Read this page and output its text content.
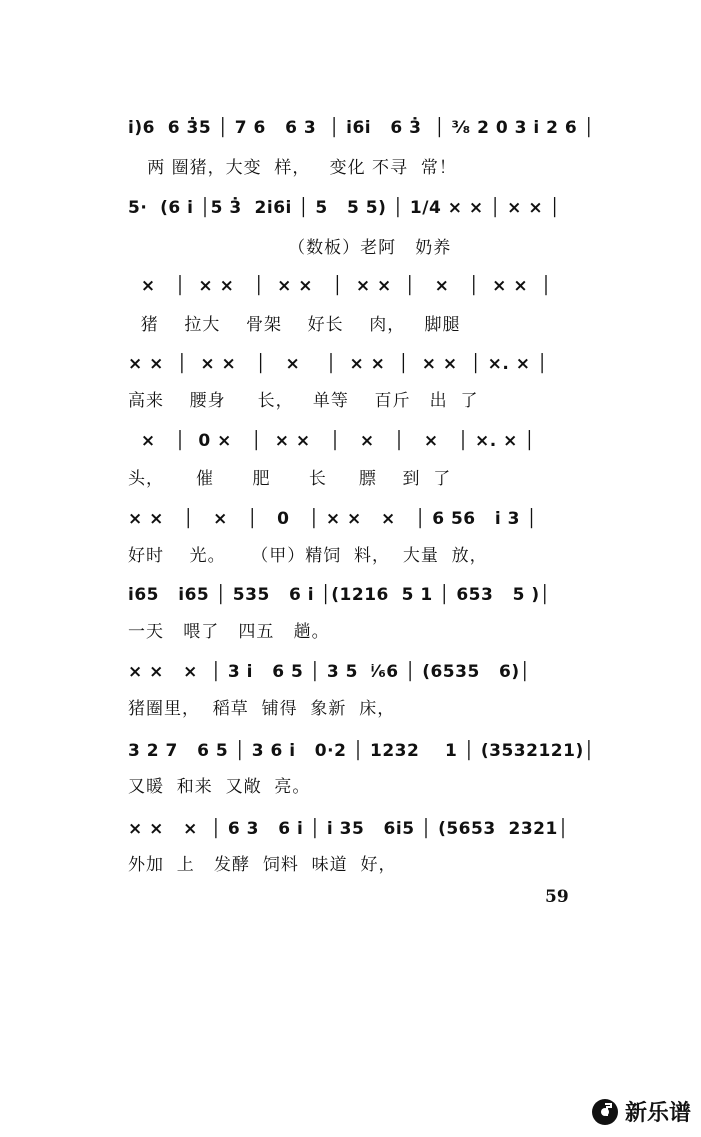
i)6  6 3̇5 │ 7 6   6 3  │ i6i   6 3̇  │ ³⁄₈ 2 0 3 i 2 6 │
两 圈猪，大变  样，   变化 不寻  常！
5·  (6 i │5 3̇  2i6i │ 5   5 5) │ 1/4 × × │ × × │
（数板）老阿   奶养
×   │  × ×   │  × ×   │  × ×  │   ×   │  × ×  │
猪    拉大    骨架    好长    肉，   脚腿
× ×  │  × ×   │   ×    │  × ×  │  × ×  │ ×. × │
高来    腰身     长，   单等    百斤   出  了
×   │  0 ×   │  × ×   │   ×   │   ×   │ ×. × │
头，     催      肥      长     膘    到  了
× ×   │   ×   │   0   │ × ×   ×   │ 6 56   i 3 │
好时    光。    （甲）精饲  料，  大量  放，
i65   i65 │ 535   6 i │(1216  5 1 │ 653   5 )│
一天   喂了   四五   趟。
× ×   ×  │ 3 i   6 5 │ 3 5  ⁱ⁄₆6 │ (6535   6)│
猪圈里，  稻草  铺得  象新  床，
3 2 7   6 5 │ 3 6 i   0·2 │ 1232    1 │ (3532121)│
又暖  和来  又敞  亮。
× ×   ×  │ 6 3   6 i │ i 35   6i5 │ (5653  2321│
外加  上   发酵  饲料  味道  好，
59
新乐谱
